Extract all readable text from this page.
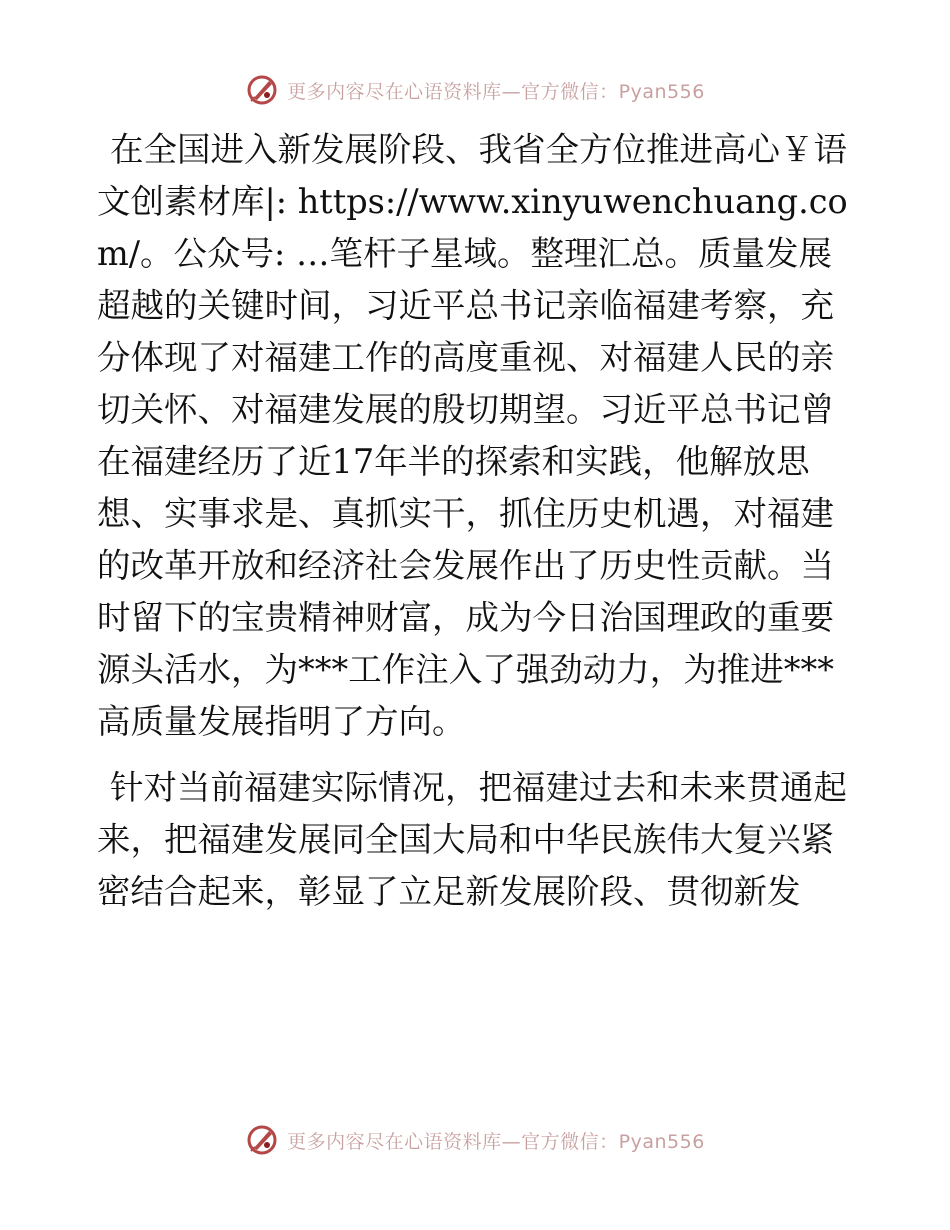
更多内容尽在心语资料库—官方微信：Pyan556

在全国进入新发展阶段、我省全方位推进高心￥语文创素材库|: https://www.xinyuwenchuang.com/。公众号: …笔杆子星域。整理汇总。质量发展超越的关键时间，习近平总书记亲临福建考察，充分体现了对福建工作的高度重视、对福建人民的亲切关怀、对福建发展的殷切期望。习近平总书记曾在福建经历了近17年半的探索和实践，他解放思想、实事求是、真抓实干，抓住历史机遇，对福建的改革开放和经济社会发展作出了历史性贡献。当时留下的宝贵精神财富，成为今日治国理政的重要源头活水，为***工作注入了强劲动力，为推进***高质量发展指明了方向。

针对当前福建实际情况，把福建过去和未来贯通起来，把福建发展同全国大局和中华民族伟大复兴紧密结合起来，彰显了立足新发展阶段、贯彻新发

更多内容尽在心语资料库—官方微信：Pyan556
